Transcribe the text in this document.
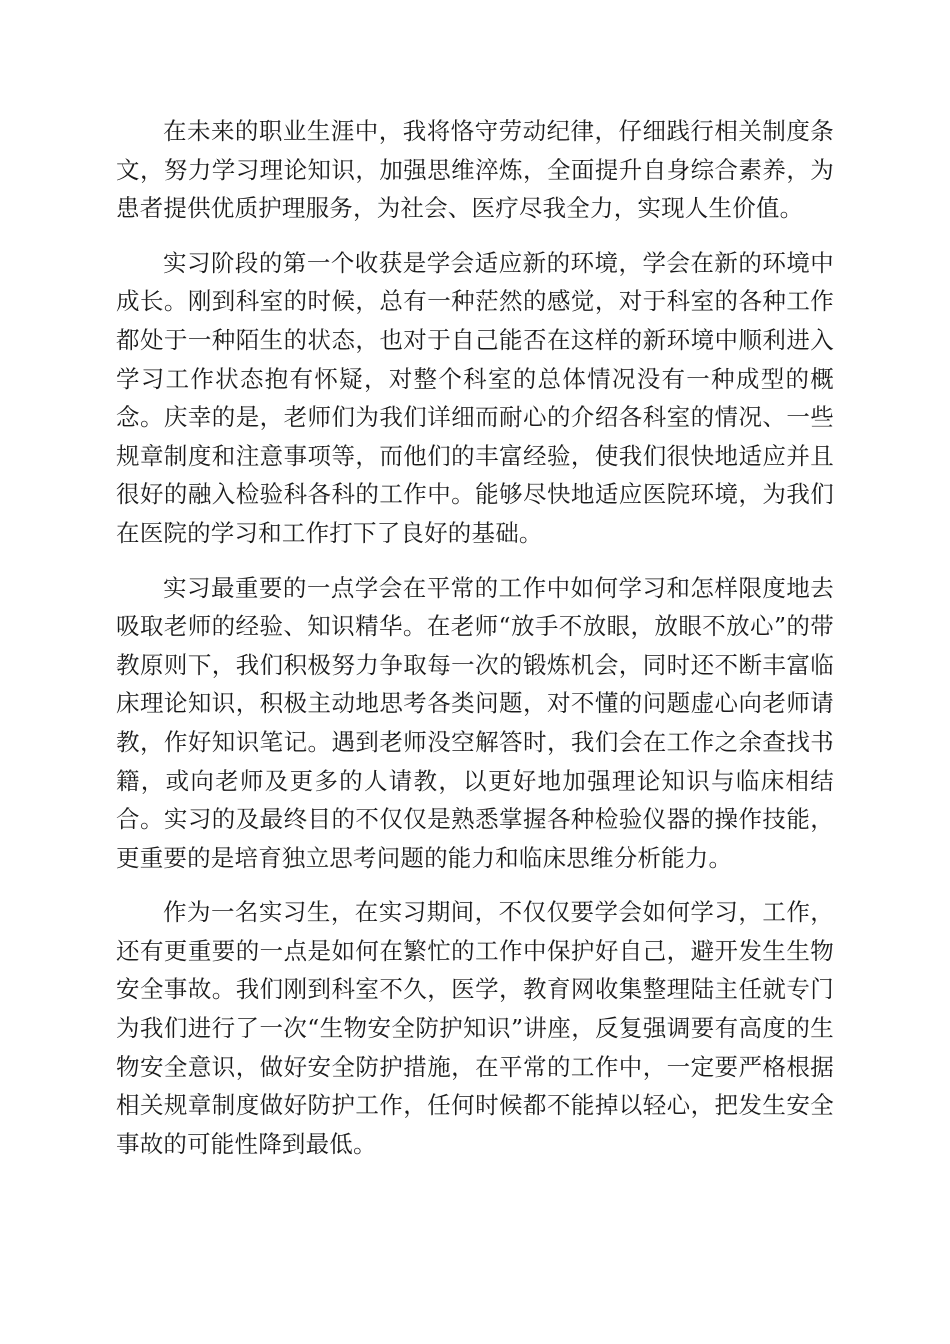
在未来的职业生涯中，我将恪守劳动纪律，仔细践行相关制度条文，努力学习理论知识，加强思维淬炼，全面提升自身综合素养，为患者提供优质护理服务，为社会、医疗尽我全力，实现人生价值。

实习阶段的第一个收获是学会适应新的环境，学会在新的环境中成长。刚到科室的时候，总有一种茫然的感觉，对于科室的各种工作都处于一种陌生的状态，也对于自己能否在这样的新环境中顺利进入学习工作状态抱有怀疑，对整个科室的总体情况没有一种成型的概念。庆幸的是，老师们为我们详细而耐心的介绍各科室的情况、一些规章制度和注意事项等，而他们的丰富经验，使我们很快地适应并且很好的融入检验科各科的工作中。能够尽快地适应医院环境，为我们在医院的学习和工作打下了良好的基础。

实习最重要的一点学会在平常的工作中如何学习和怎样限度地去吸取老师的经验、知识精华。在老师“放手不放眼，放眼不放心”的带教原则下，我们积极努力争取每一次的锻炼机会，同时还不断丰富临床理论知识，积极主动地思考各类问题，对不懂的问题虚心向老师请教，作好知识笔记。遇到老师没空解答时，我们会在工作之余查找书籍，或向老师及更多的人请教，以更好地加强理论知识与临床相结合。实习的及最终目的不仅仅是熟悉掌握各种检验仪器的操作技能，更重要的是培育独立思考问题的能力和临床思维分析能力。

作为一名实习生，在实习期间，不仅仅要学会如何学习，工作，还有更重要的一点是如何在繁忙的工作中保护好自己，避开发生生物安全事故。我们刚到科室不久，医学，教育网收集整理陆主任就专门为我们进行了一次“生物安全防护知识”讲座，反复强调要有高度的生物安全意识，做好安全防护措施，在平常的工作中，一定要严格根据相关规章制度做好防护工作，任何时候都不能掉以轻心，把发生安全事故的可能性降到最低。
